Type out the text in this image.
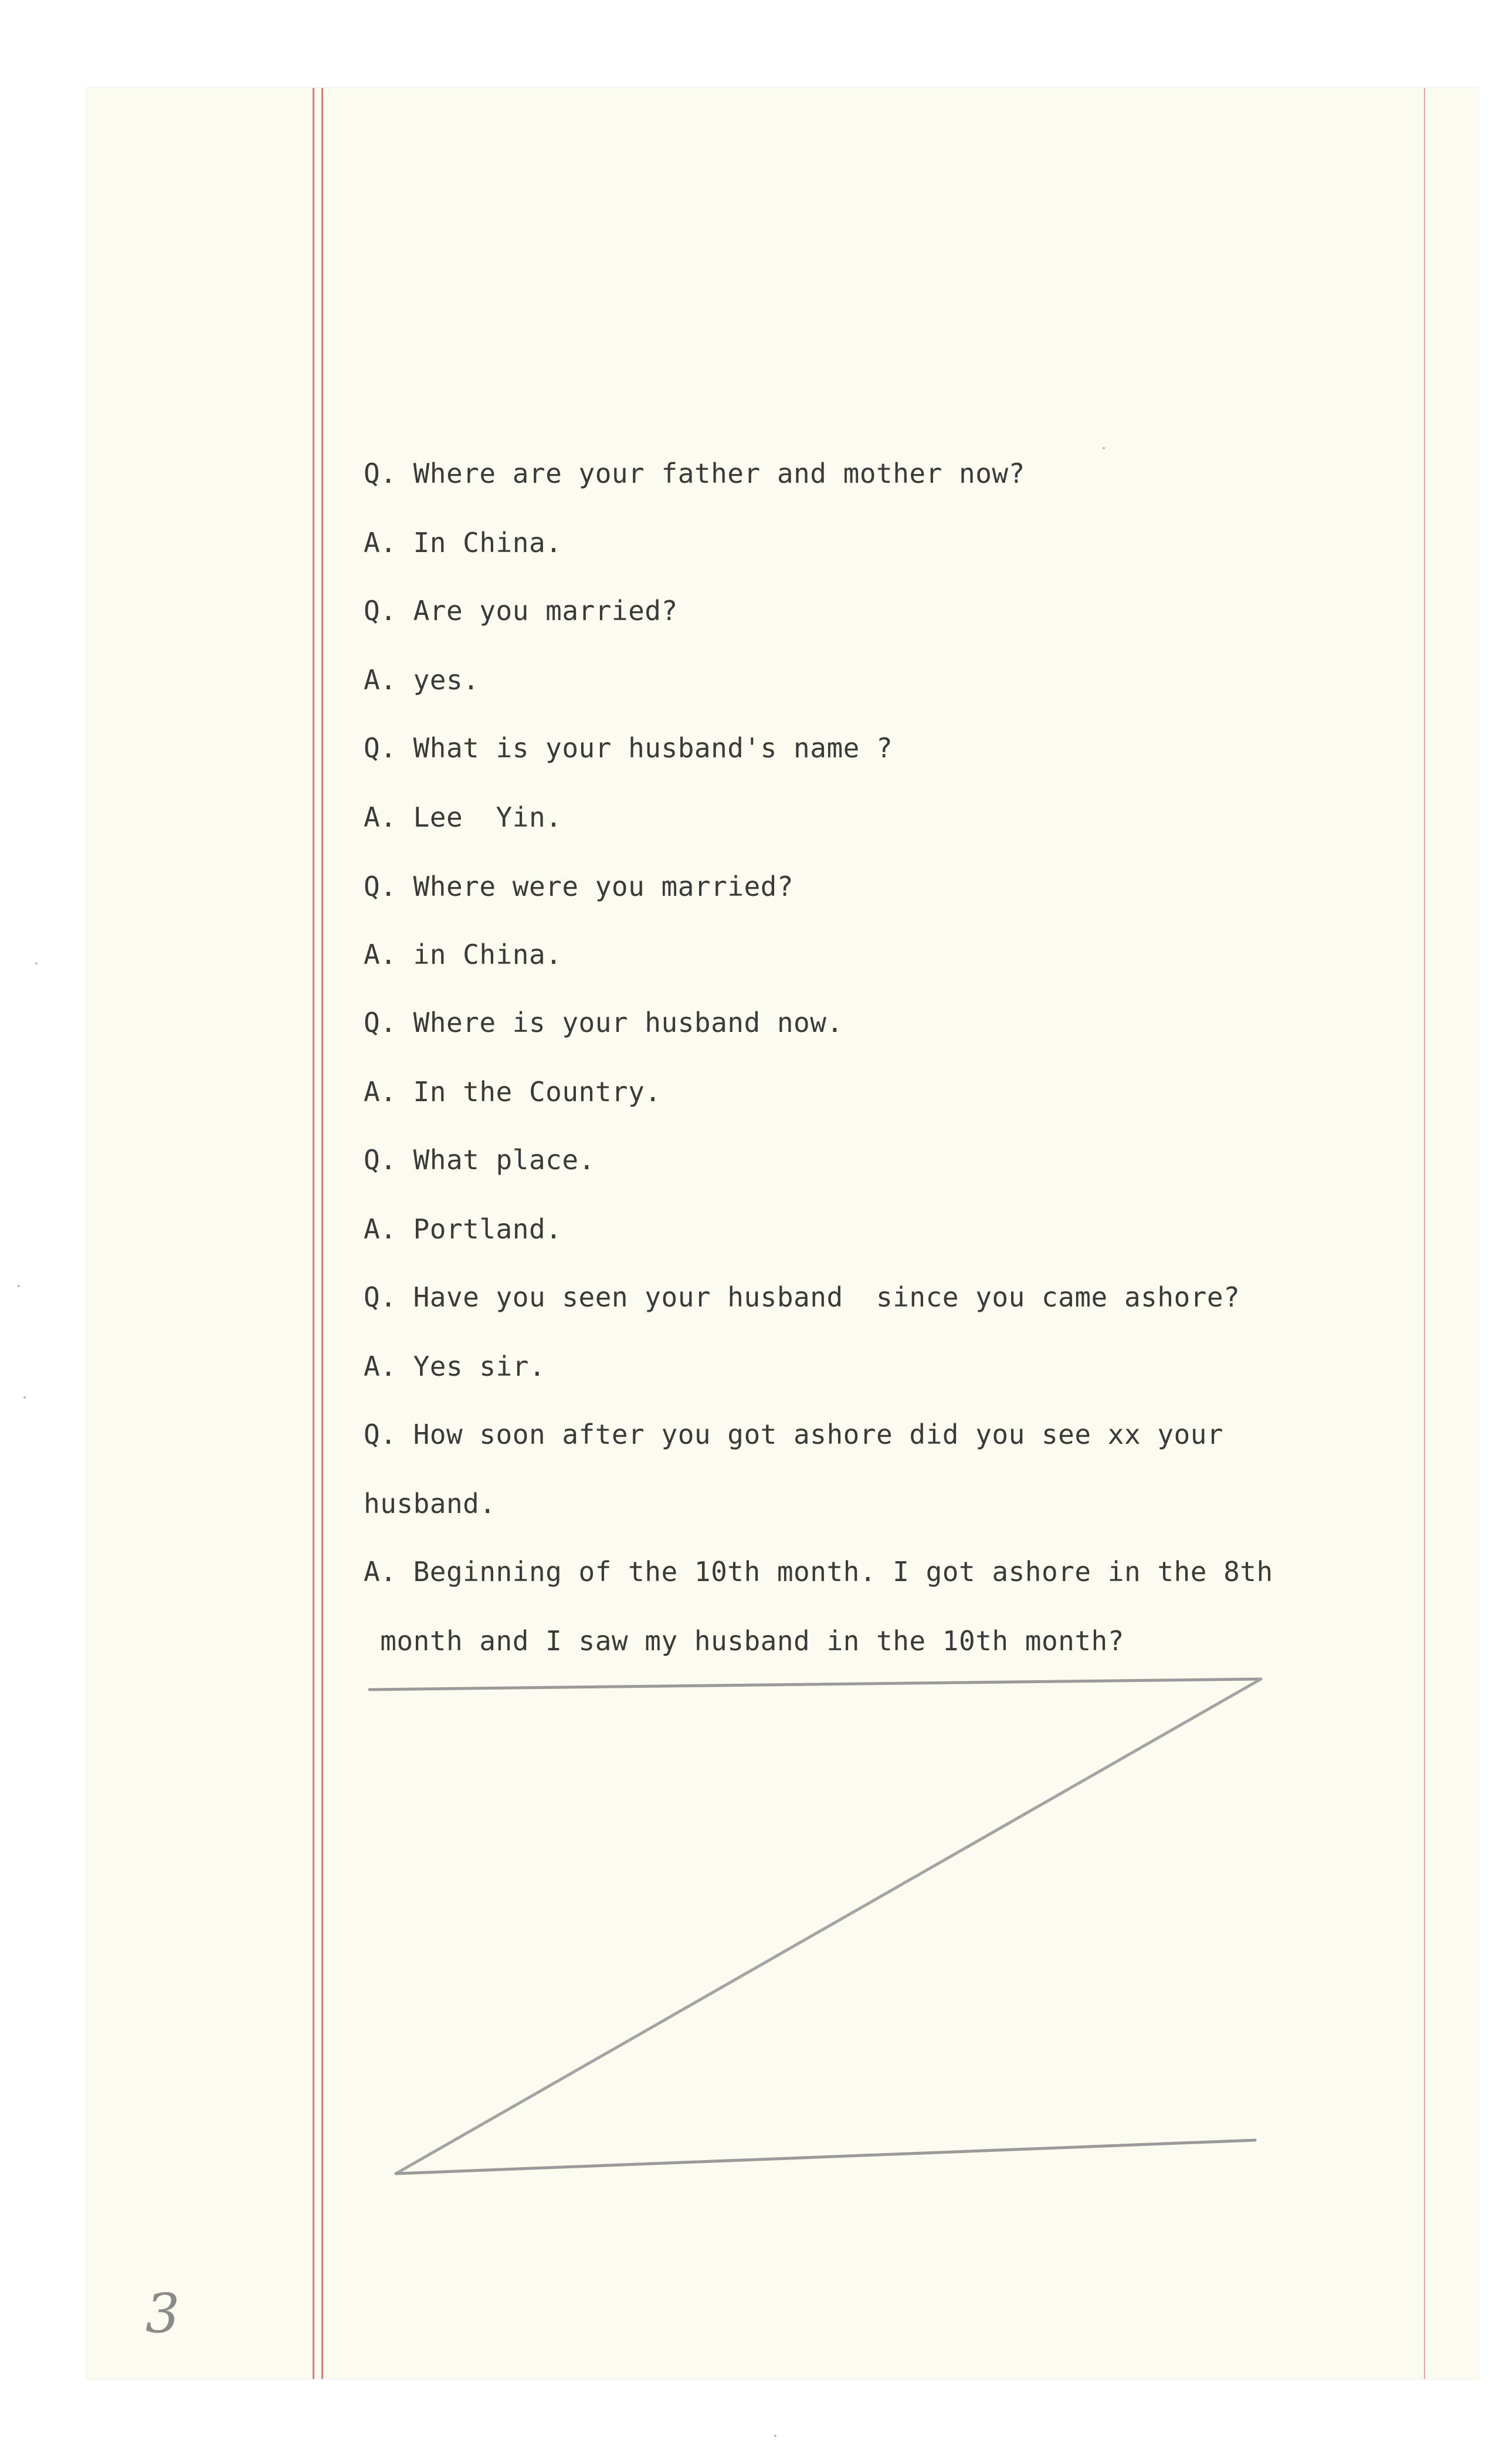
3
Q. Where are your father and mother now?
A. In China.
Q. Are you married?
A. yes.
Q. What is your husband's name ?
A. Lee  Yin.
Q. Where were you married?
A. in China.
Q. Where is your husband now.
A. In the Country.
Q. What place.
A. Portland.
Q. Have you seen your husband  since you came ashore?
A. Yes sir.
Q. How soon after you got ashore did you see xx your
husband.
A. Beginning of the 10th month. I got ashore in the 8th
month and I saw my husband in the 10th month?
